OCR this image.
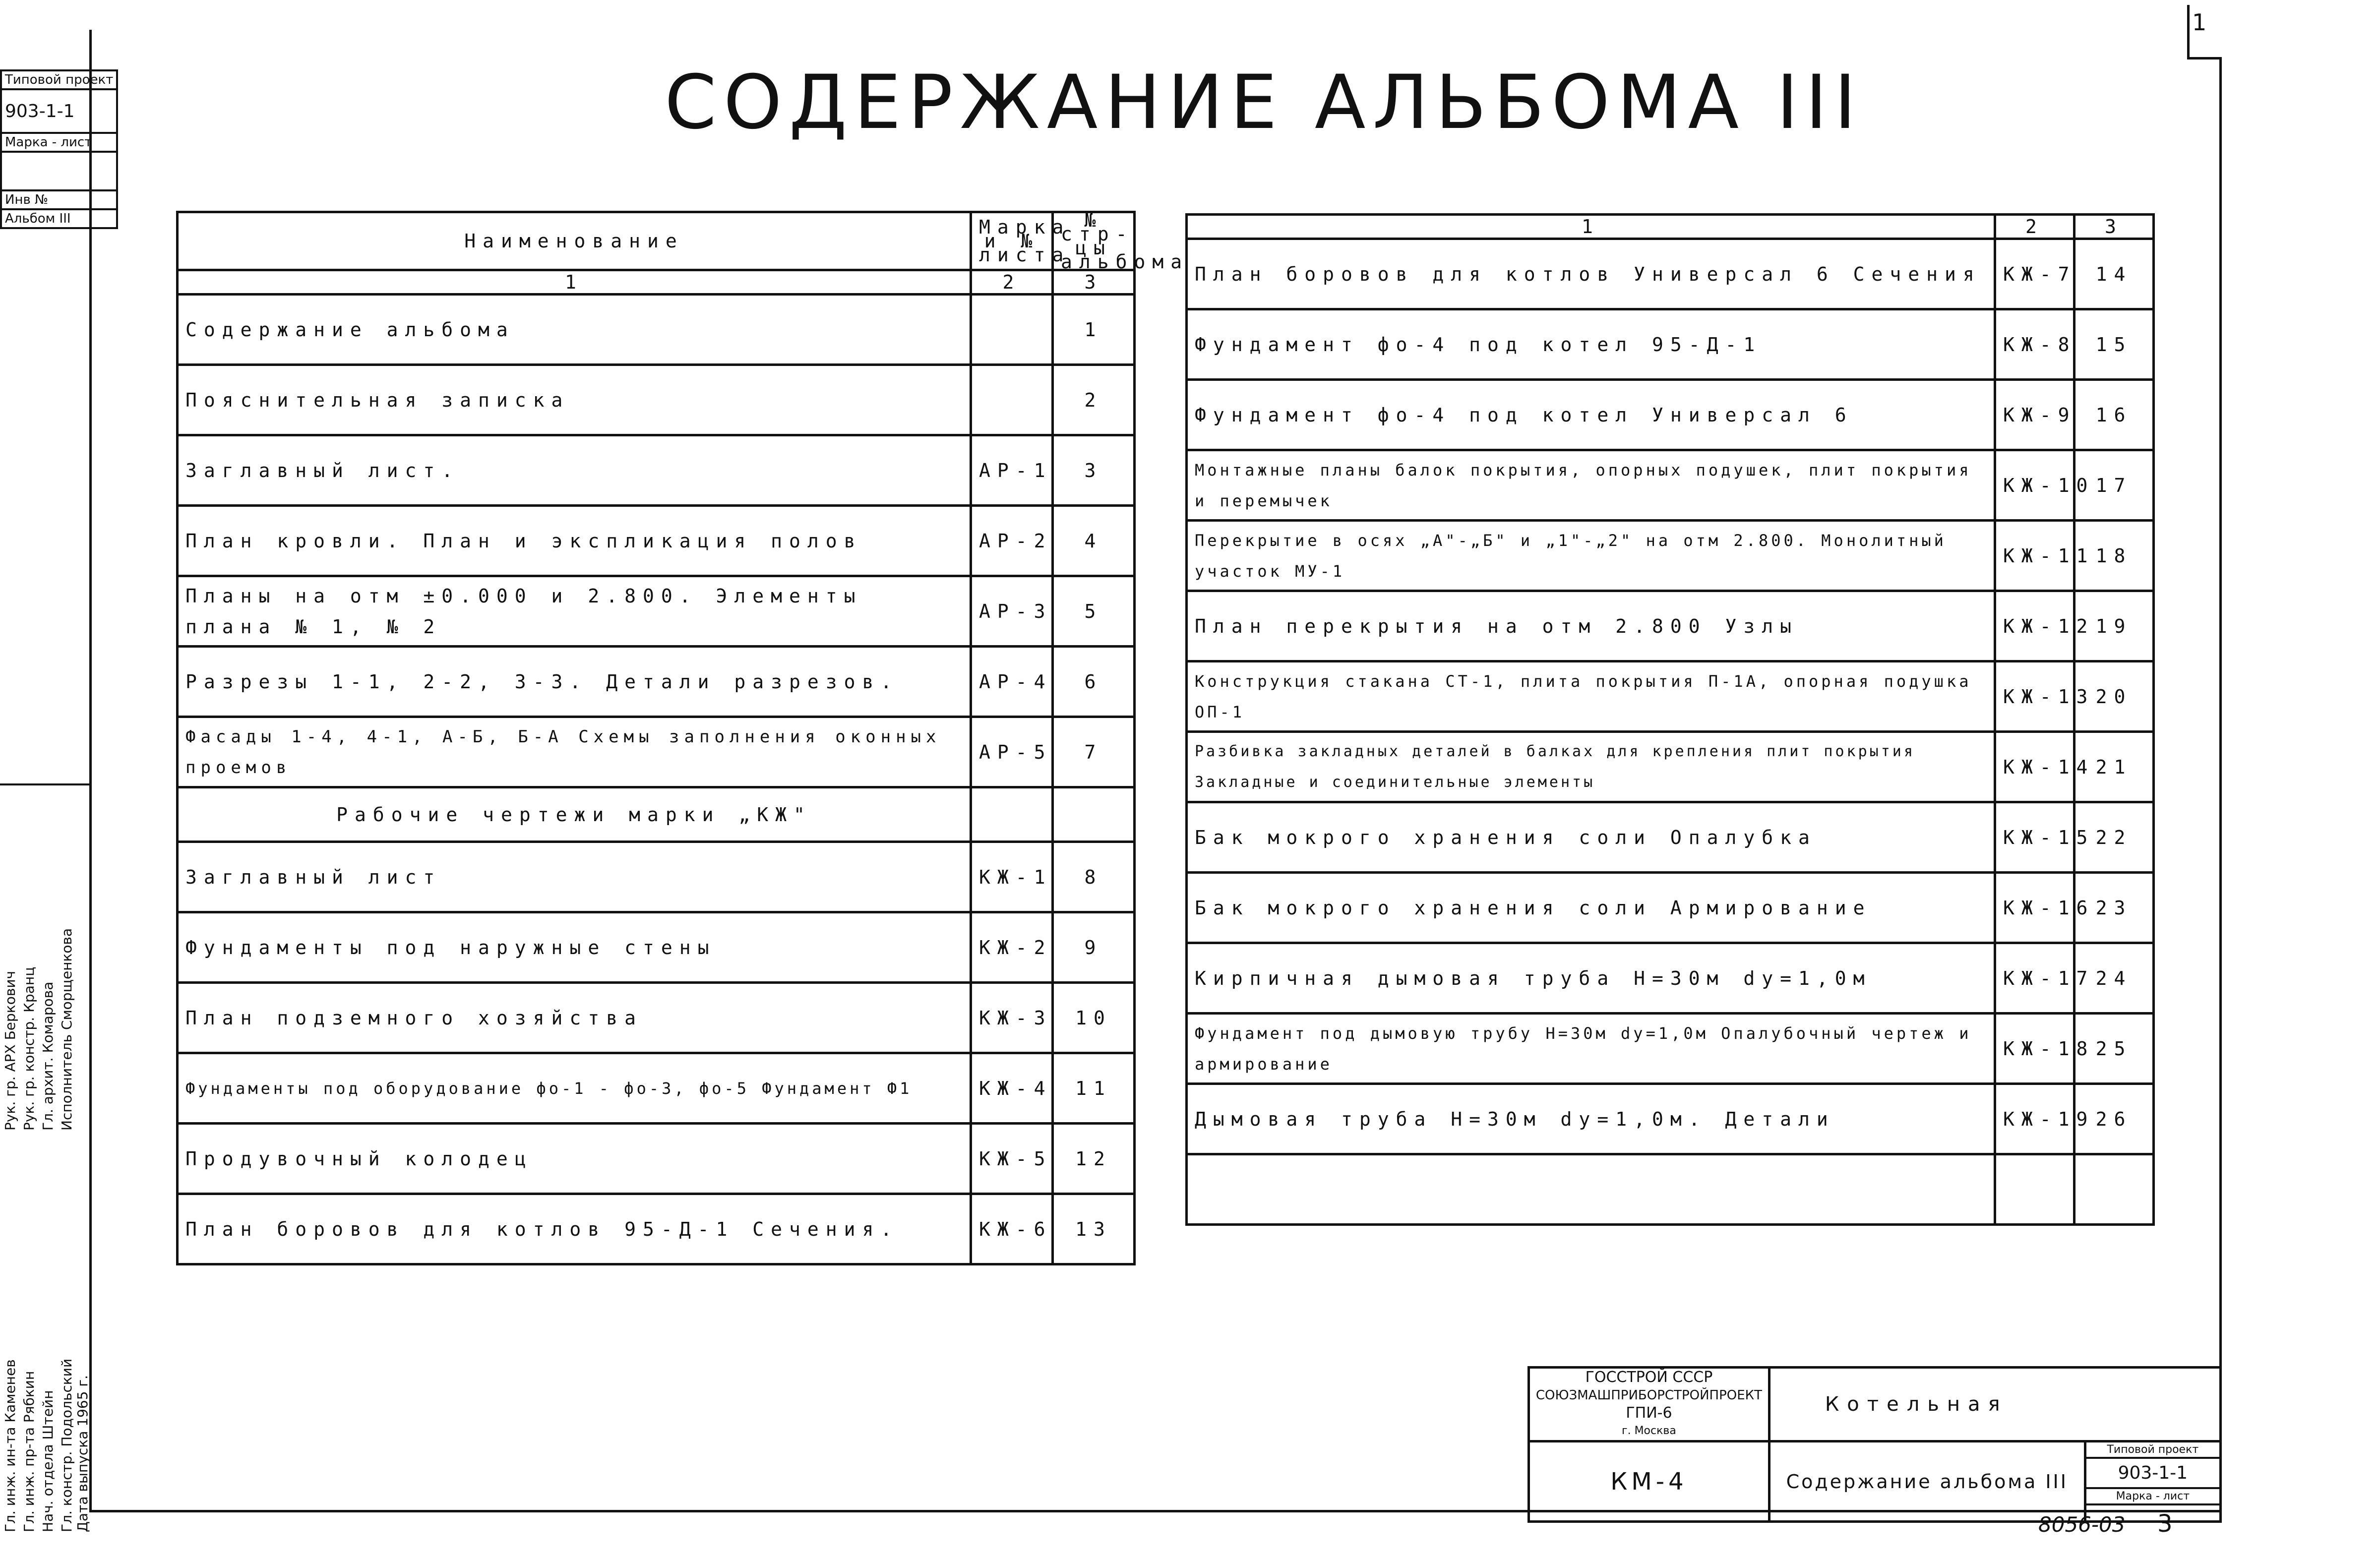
СОДЕРЖАНИЕ АЛЬБОМА III
1
Типовой проект
903-1-1
Марка - лист

Инв №
Альбом III
Гл. инж. ин-та Каменев Гл. инж. пр-та Рябкин Нач. отдела Штейн Гл. констр. Подольский Дата выпуска 1965 г.
Рук. гр. АРХ Беркович Рук. гр. констр. Кранц Гл. архит. Комарова Исполнитель Сморщенкова
Наименование	Марка и № листа	№ стр-цы альбома
1	2	3
Содержание альбома		1
Пояснительная записка		2
Заглавный лист.	АР-1	3
План кровли. План и экспликация полов	АР-2	4
Планы на отм ±0.000 и 2.800. Элементы плана № 1, № 2	АР-3	5
Разрезы 1-1, 2-2, 3-3. Детали разрезов.	АР-4	6
Фасады 1-4, 4-1, А-Б, Б-А Схемы заполнения оконных проемов	АР-5	7
Рабочие чертежи марки „КЖ"		
Заглавный лист	КЖ-1	8
Фундаменты под наружные стены	КЖ-2	9
План подземного хозяйства	КЖ-3	10
Фундаменты под оборудование фо-1 - фо-3, фо-5 Фундамент Ф1	КЖ-4	11
Продувочный колодец	КЖ-5	12
План боровов для котлов 95-Д-1 Сечения.	КЖ-6	13
1	2	3
План боровов для котлов Универсал 6 Сечения	КЖ-7	14
Фундамент фо-4 под котел 95-Д-1	КЖ-8	15
Фундамент фо-4 под котел Универсал 6	КЖ-9	16
Монтажные планы балок покрытия, опорных подушек, плит покрытия и перемычек	КЖ-10	17
Перекрытие в осях „А"-„Б" и „1"-„2" на отм 2.800. Монолитный участок МУ-1	КЖ-11	18
План перекрытия на отм 2.800 Узлы	КЖ-12	19
Конструкция стакана СТ-1, плита покрытия П-1А, опорная подушка ОП-1	КЖ-13	20
Разбивка закладных деталей в балках для крепления плит покрытия Закладные и соединительные элементы	КЖ-14	21
Бак мокрого хранения соли Опалубка	КЖ-15	22
Бак мокрого хранения соли Армирование	КЖ-16	23
Кирпичная дымовая труба Н=30м dу=1,0м	КЖ-17	24
Фундамент под дымовую трубу Н=30м dу=1,0м Опалубочный чертеж и армирование	КЖ-18	25
Дымовая труба Н=30м dу=1,0м. Детали	КЖ-19	26

ГОССТРОЙ СССР
СОЮЗМАШПРИБОРСТРОЙПРОЕКТ
ГПИ-6
г. Москва	Котельная	
КМ-4	Содержание альбома III	Типовой проект
903-1-1
Марка - лист
8056-03 3
